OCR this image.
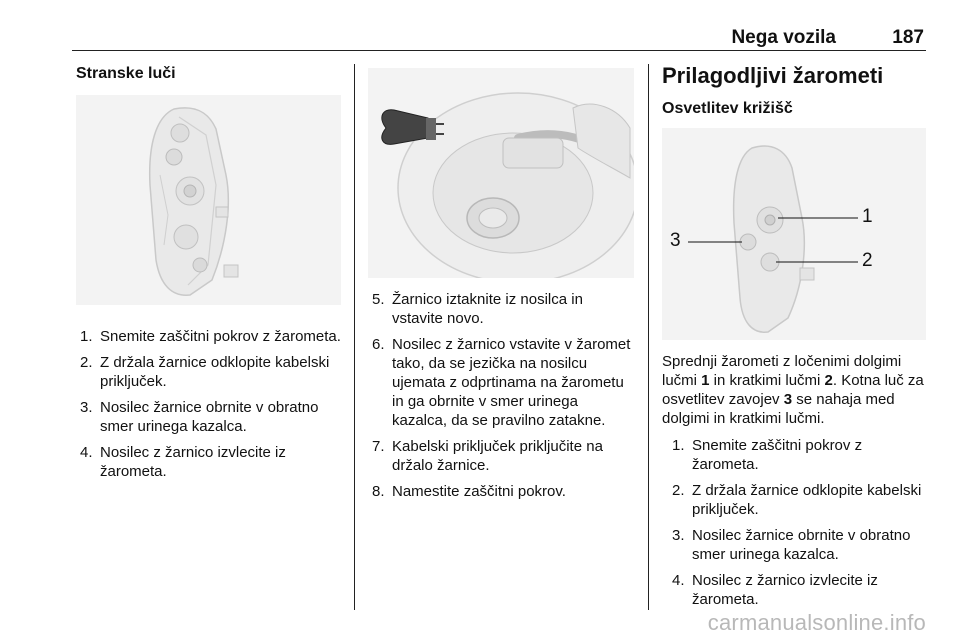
Nega vozila	187
Stranske luči
1. Snemite zaščitni pokrov z žarometa.
2. Z držala žarnice odklopite kabelski priključek.
3. Nosilec žarnice obrnite v obratno smer urinega kazalca.
4. Nosilec z žarnico izvlecite iz žarometa.
5. Žarnico iztaknite iz nosilca in vstavite novo.
6. Nosilec z žarnico vstavite v žaromet tako, da se jezička na nosilcu ujemata z odprtinama na žarometu in ga obrnite v smer urinega kazalca, da se pravilno zatakne.
7. Kabelski priključek priključite na držalo žarnice.
8. Namestite zaščitni pokrov.
Prilagodljivi žarometi
Osvetlitev križišč
1
2
3

Sprednji žarometi z ločenimi dolgimi lučmi 1 in kratkimi lučmi 2. Kotna luč za osvetlitev zavojev 3 se nahaja med dolgimi in kratkimi lučmi.

1. Snemite zaščitni pokrov z žarometa.
2. Z držala žarnice odklopite kabelski priključek.
3. Nosilec žarnice obrnite v obratno smer urinega kazalca.
4. Nosilec z žarnico izvlecite iz žarometa.
carmanualsonline.info
